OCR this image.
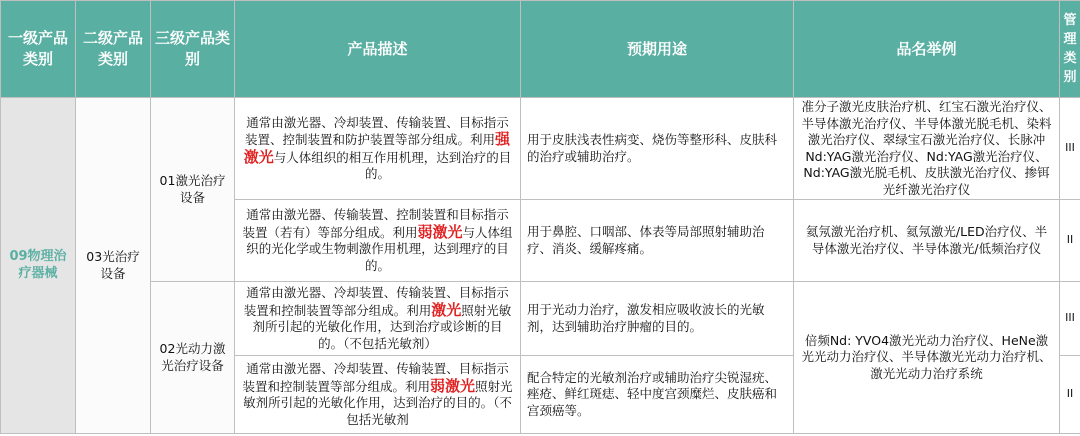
一级产品类别	二级产品类别	三级产品类别	产品描述	预期用途	品名举例	管理类别
09物理治疗器械	03光治疗设备	01激光治疗设备	通常由激光器、冷却装置、传输装置、目标指示装置、控制装置和防护装置等部分组成。利用强激光与人体组织的相互作用机理，达到治疗的目的。	用于皮肤浅表性病变、烧伤等整形科、皮肤科的治疗或辅助治疗。	准分子激光皮肤治疗机、红宝石激光治疗仪、半导体激光治疗仪、半导体激光脱毛机、染料激光治疗仪、翠绿宝石激光治疗仪、长脉冲Nd:YAG激光治疗仪、Nd:YAG激光治疗仪、Nd:YAG激光脱毛机、皮肤激光治疗仪、掺铒光纤激光治疗仪	III
			通常由激光器、传输装置、控制装置和目标指示装置（若有）等部分组成。利用弱激光与人体组织的光化学或生物刺激作用机理，达到理疗的目的。	用于鼻腔、口咽部、体表等局部照射辅助治疗、消炎、缓解疼痛。	氦氖激光治疗机、氦氖激光/LED治疗仪、半导体激光治疗仪、半导体激光/低频治疗仪	II
		02光动力激光治疗设备	通常由激光器、冷却装置、传输装置、目标指示装置和控制装置等部分组成。利用激光照射光敏剂所引起的光敏化作用，达到治疗或诊断的目的。（不包括光敏剂）	用于光动力治疗，激发相应吸收波长的光敏剂，达到辅助治疗肿瘤的目的。	倍频Nd: YVO4激光光动力治疗仪、HeNe激光光动力治疗仪、半导体激光光动力治疗机、激光光动力治疗系统	III
			通常由激光器、冷却装置、传输装置、目标指示装置和控制装置等部分组成。利用弱激光照射光敏剂所引起的光敏化作用，达到治疗的目的。（不包括光敏剂	配合特定的光敏剂治疗或辅助治疗尖锐湿疣、痤疮、鲜红斑痣、轻中度宫颈糜烂、皮肤癌和宫颈癌等。		II
